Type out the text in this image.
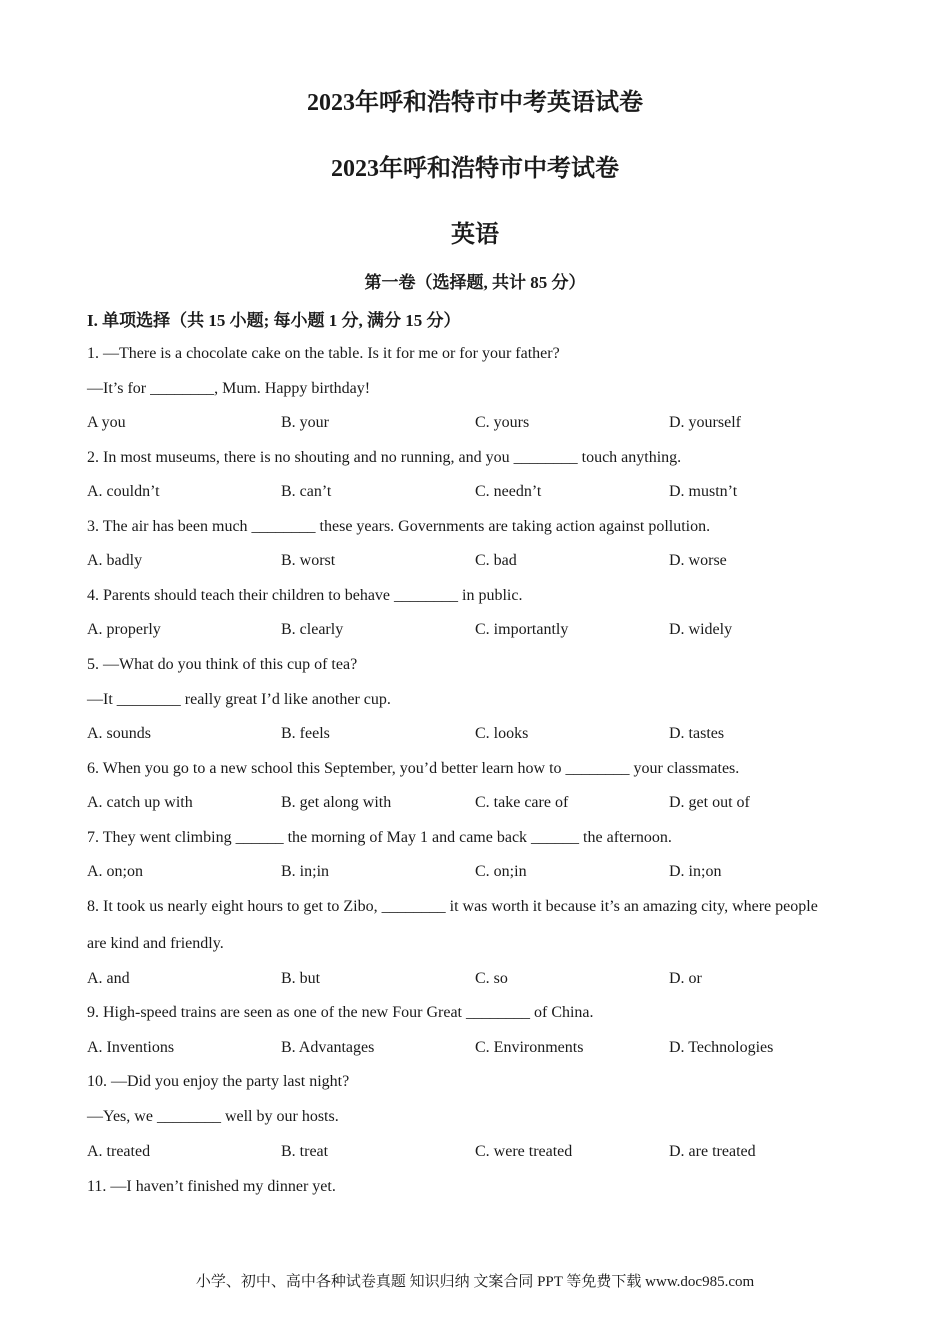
2023年呼和浩特市中考英语试卷
2023年呼和浩特市中考试卷
英语
第一卷（选择题, 共计 85 分）
I. 单项选择（共 15 小题; 每小题 1 分, 满分 15 分）
1. —There is a chocolate cake on the table. Is it for me or for your father?
—It’s for ________, Mum. Happy birthday!
A you	B. your	C. yours	D. yourself
2. In most museums, there is no shouting and no running, and you ________ touch anything.
A. couldn’t	B. can’t	C. needn’t	D. mustn’t
3. The air has been much ________ these years. Governments are taking action against pollution.
A. badly	B. worst	C. bad	D. worse
4. Parents should teach their children to behave ________ in public.
A. properly	B. clearly	C. importantly	D. widely
5. —What do you think of this cup of tea?
—It ________ really great I’d like another cup.
A. sounds	B. feels	C. looks	D. tastes
6. When you go to a new school this September, you’d better learn how to ________ your classmates.
A. catch up with	B. get along with	C. take care of	D. get out of
7. They went climbing ______ the morning of May 1 and came back ______ the afternoon.
A. on;on	B. in;in	C. on;in	D. in;on
8. It took us nearly eight hours to get to Zibo, ________ it was worth it because it’s an amazing city, where people
are kind and friendly.
A. and	B. but	C. so	D. or
9. High-speed trains are seen as one of the new Four Great ________ of China.
A. Inventions	B. Advantages	C. Environments	D. Technologies
10. —Did you enjoy the party last night?
—Yes, we ________ well by our hosts.
A. treated	B. treat	C. were treated	D. are treated
11. —I haven’t finished my dinner yet.
小学、初中、高中各种试卷真题 知识归纳 文案合同 PPT 等免费下载 www.doc985.com
